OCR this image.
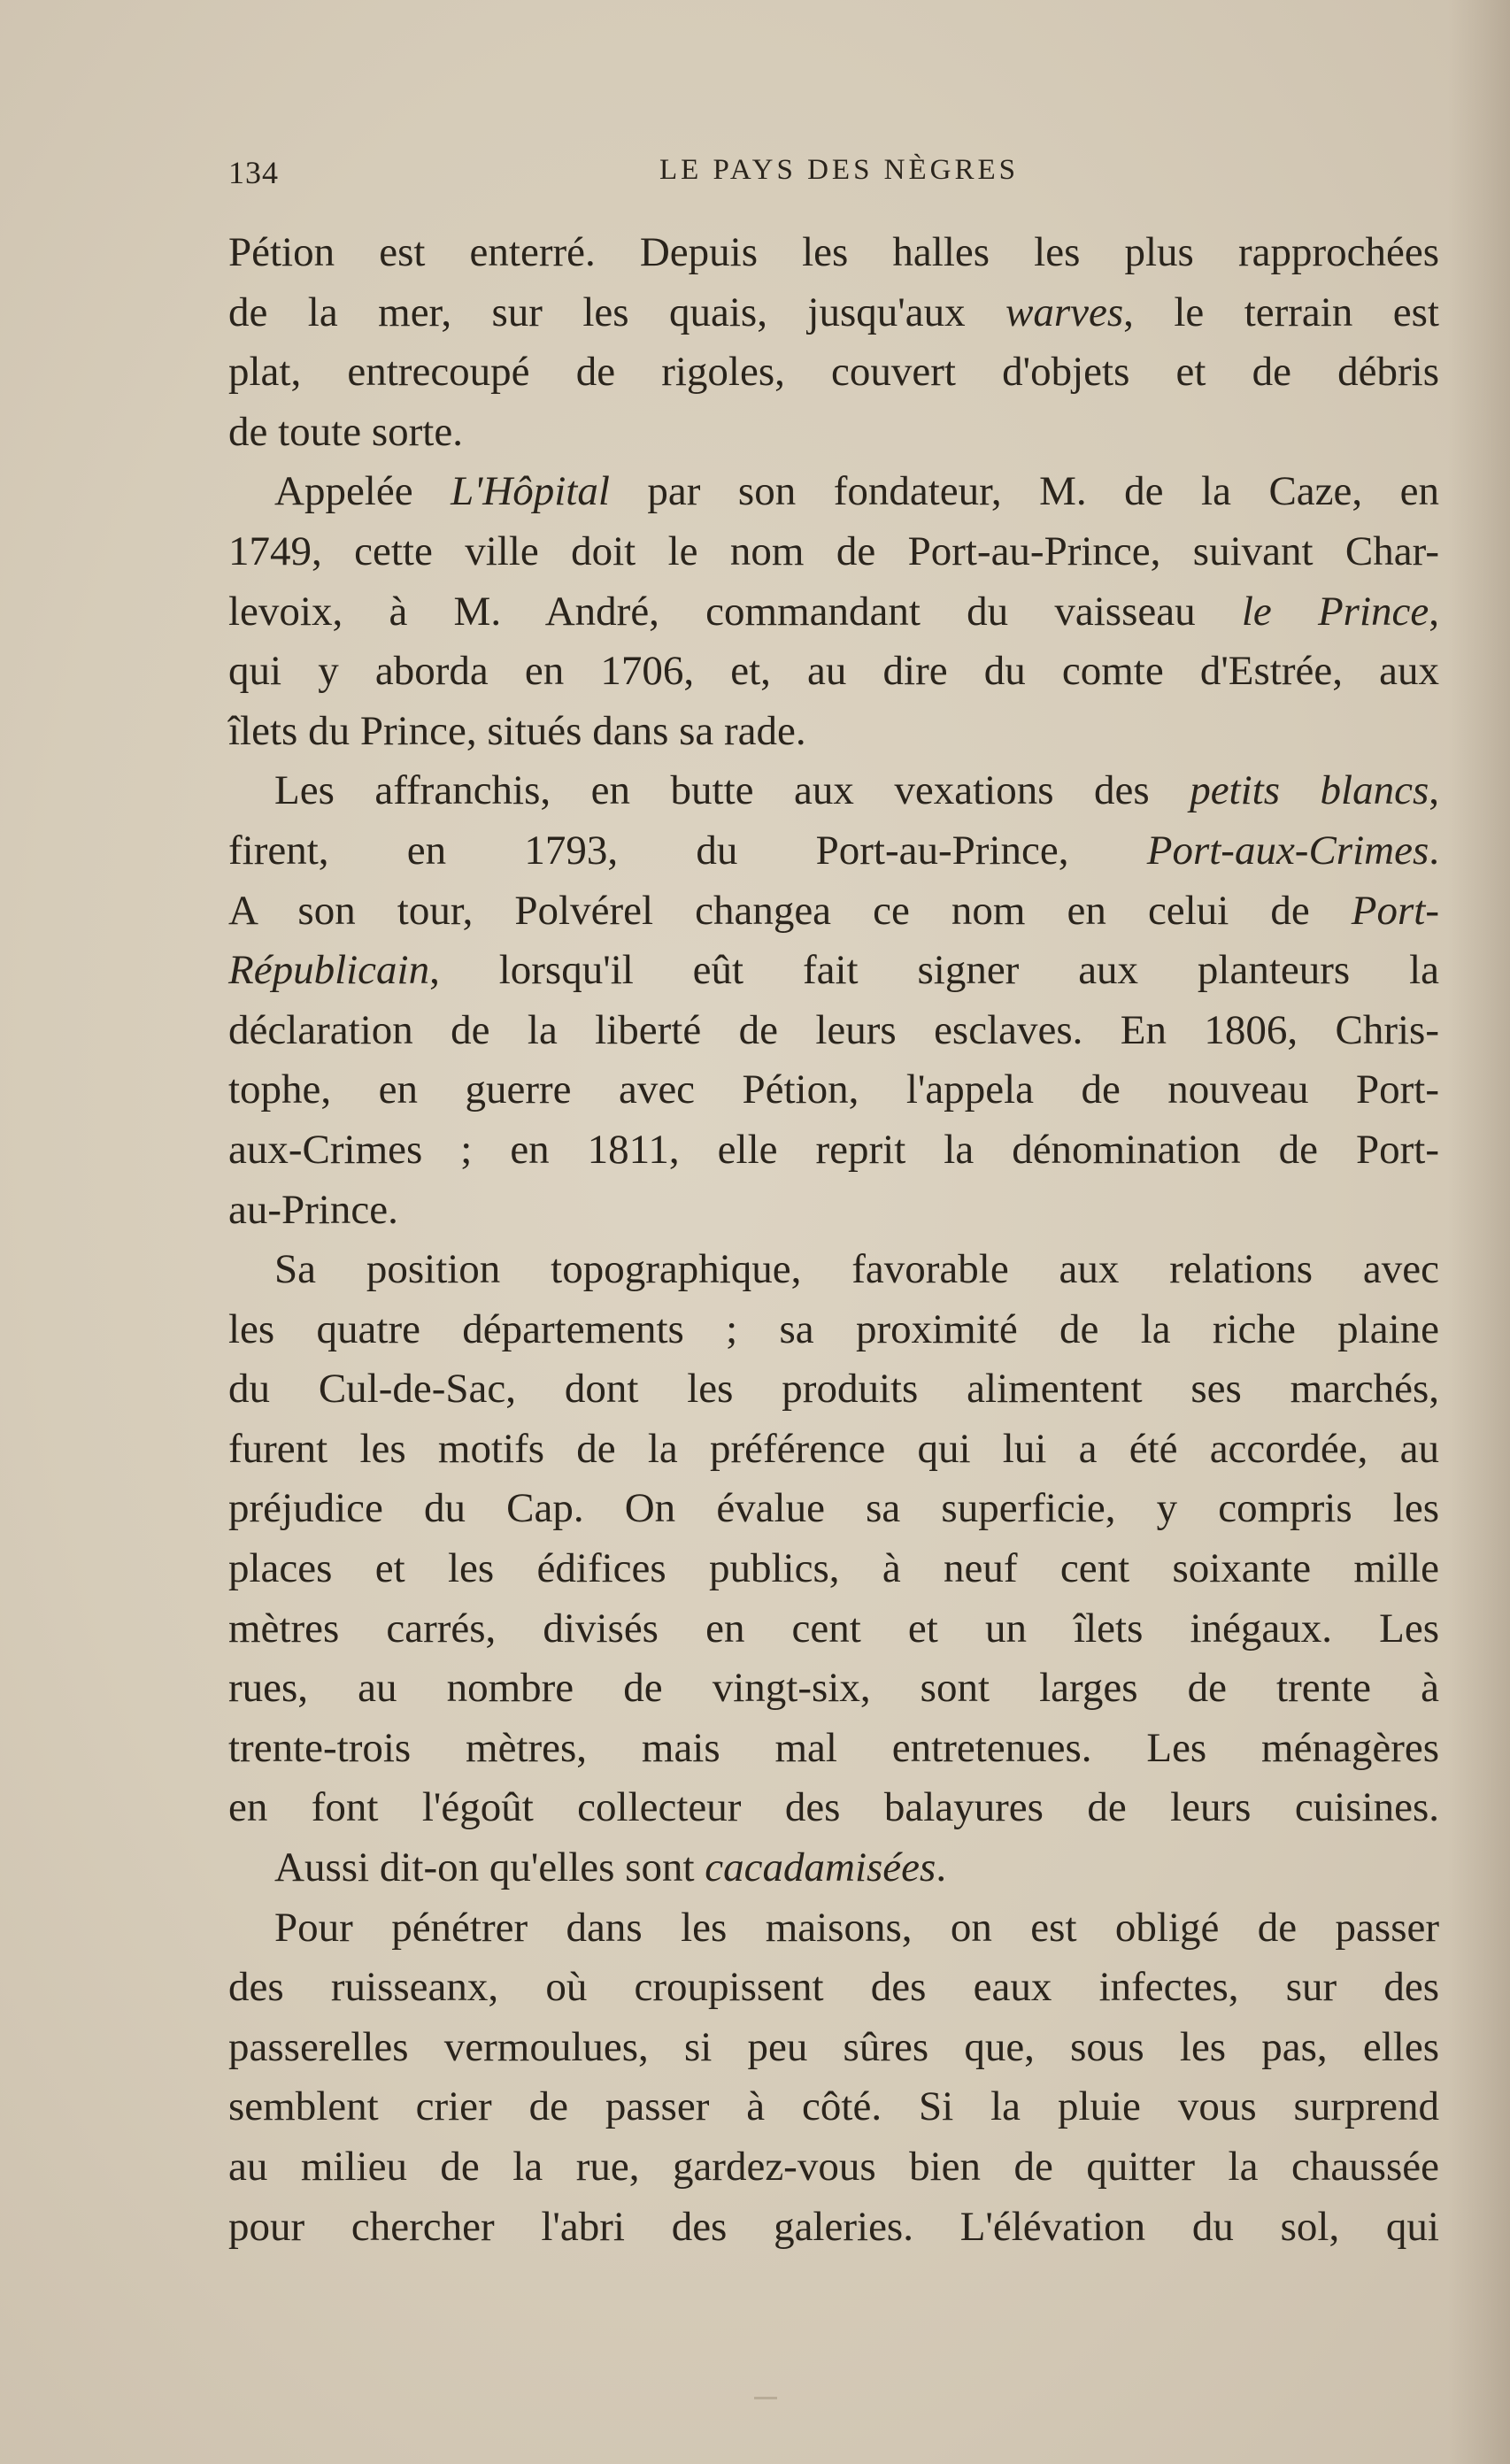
134	LE PAYS DES NÈGRES
Pétion est enterré. Depuis les halles les plus rapprochées
de la mer, sur les quais, jusqu'aux warves, le terrain est
plat, entrecoupé de rigoles, couvert d'objets et de débris
de toute sorte.
Appelée L'Hôpital par son fondateur, M. de la Caze, en
1749, cette ville doit le nom de Port-au-Prince, suivant Char-
levoix, à M. André, commandant du vaisseau le Prince,
qui y aborda en 1706, et, au dire du comte d'Estrée, aux
îlets du Prince, situés dans sa rade.
Les affranchis, en butte aux vexations des petits blancs,
firent, en 1793, du Port-au-Prince, Port-aux-Crimes.
A son tour, Polvérel changea ce nom en celui de Port-
Républicain, lorsqu'il eût fait signer aux planteurs la
déclaration de la liberté de leurs esclaves. En 1806, Chris-
tophe, en guerre avec Pétion, l'appela de nouveau Port-
aux-Crimes ; en 1811, elle reprit la dénomination de Port-
au-Prince.
Sa position topographique, favorable aux relations avec
les quatre départements ; sa proximité de la riche plaine
du Cul-de-Sac, dont les produits alimentent ses marchés,
furent les motifs de la préférence qui lui a été accordée, au
préjudice du Cap. On évalue sa superficie, y compris les
places et les édifices publics, à neuf cent soixante mille
mètres carrés, divisés en cent et un îlets inégaux. Les
rues, au nombre de vingt-six, sont larges de trente à
trente-trois mètres, mais mal entretenues. Les ménagères
en font l'égoût collecteur des balayures de leurs cuisines.
Aussi dit-on qu'elles sont cacadamisées.
Pour pénétrer dans les maisons, on est obligé de passer
des ruisseanx, où croupissent des eaux infectes, sur des
passerelles vermoulues, si peu sûres que, sous les pas, elles
semblent crier de passer à côté. Si la pluie vous surprend
au milieu de la rue, gardez-vous bien de quitter la chaussée
pour chercher l'abri des galeries. L'élévation du sol, qui
